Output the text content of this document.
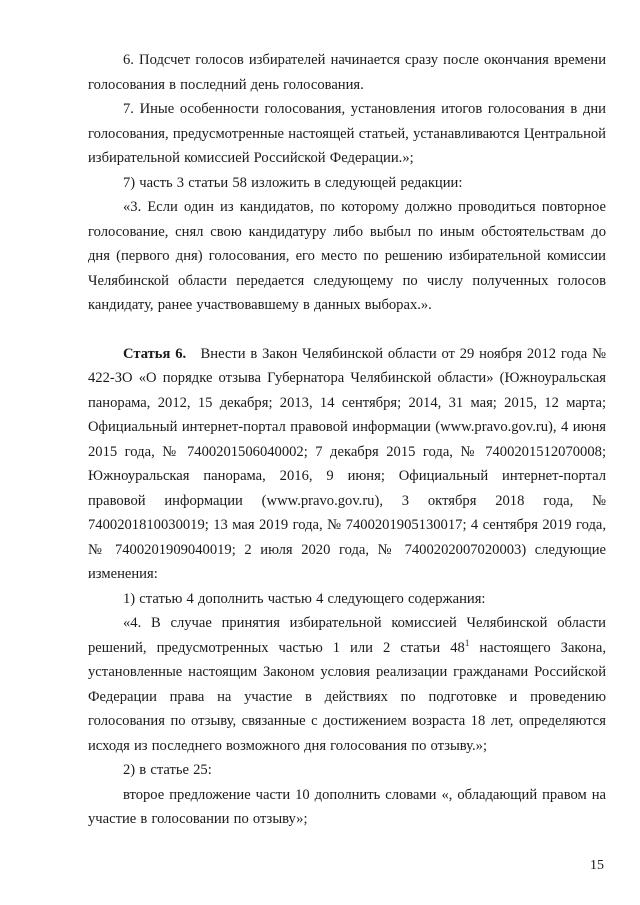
6. Подсчет голосов избирателей начинается сразу после окончания времени голосования в последний день голосования.

7. Иные особенности голосования, установления итогов голосования в дни голосования, предусмотренные настоящей статьей, устанавливаются Центральной избирательной комиссией Российской Федерации.»;

7) часть 3 статьи 58 изложить в следующей редакции:

«3. Если один из кандидатов, по которому должно проводиться повторное голосование, снял свою кандидатуру либо выбыл по иным обстоятельствам до дня (первого дня) голосования, его место по решению избирательной комиссии Челябинской области передается следующему по числу полученных голосов кандидату, ранее участвовавшему в данных выборах.».

Статья 6. Внести в Закон Челябинской области от 29 ноября 2012 года № 422-ЗО «О порядке отзыва Губернатора Челябинской области» (Южноуральская панорама, 2012, 15 декабря; 2013, 14 сентября; 2014, 31 мая; 2015, 12 марта; Официальный интернет-портал правовой информации (www.pravo.gov.ru), 4 июня 2015 года, № 7400201506040002; 7 декабря 2015 года, № 7400201512070008; Южноуральская панорама, 2016, 9 июня; Официальный интернет-портал правовой информации (www.pravo.gov.ru), 3 октября 2018 года, № 7400201810030019; 13 мая 2019 года, № 7400201905130017; 4 сентября 2019 года, № 7400201909040019; 2 июля 2020 года, № 7400202007020003) следующие изменения:

1) статью 4 дополнить частью 4 следующего содержания:

«4. В случае принятия избирательной комиссией Челябинской области решений, предусмотренных частью 1 или 2 статьи $48^1$ настоящего Закона, установленные настоящим Законом условия реализации гражданами Российской Федерации права на участие в действиях по подготовке и проведению голосования по отзыву, связанные с достижением возраста 18 лет, определяются исходя из последнего возможного дня голосования по отзыву.»;

2) в статье 25:

второе предложение части 10 дополнить словами «, обладающий правом на участие в голосовании по отзыву»;

15
